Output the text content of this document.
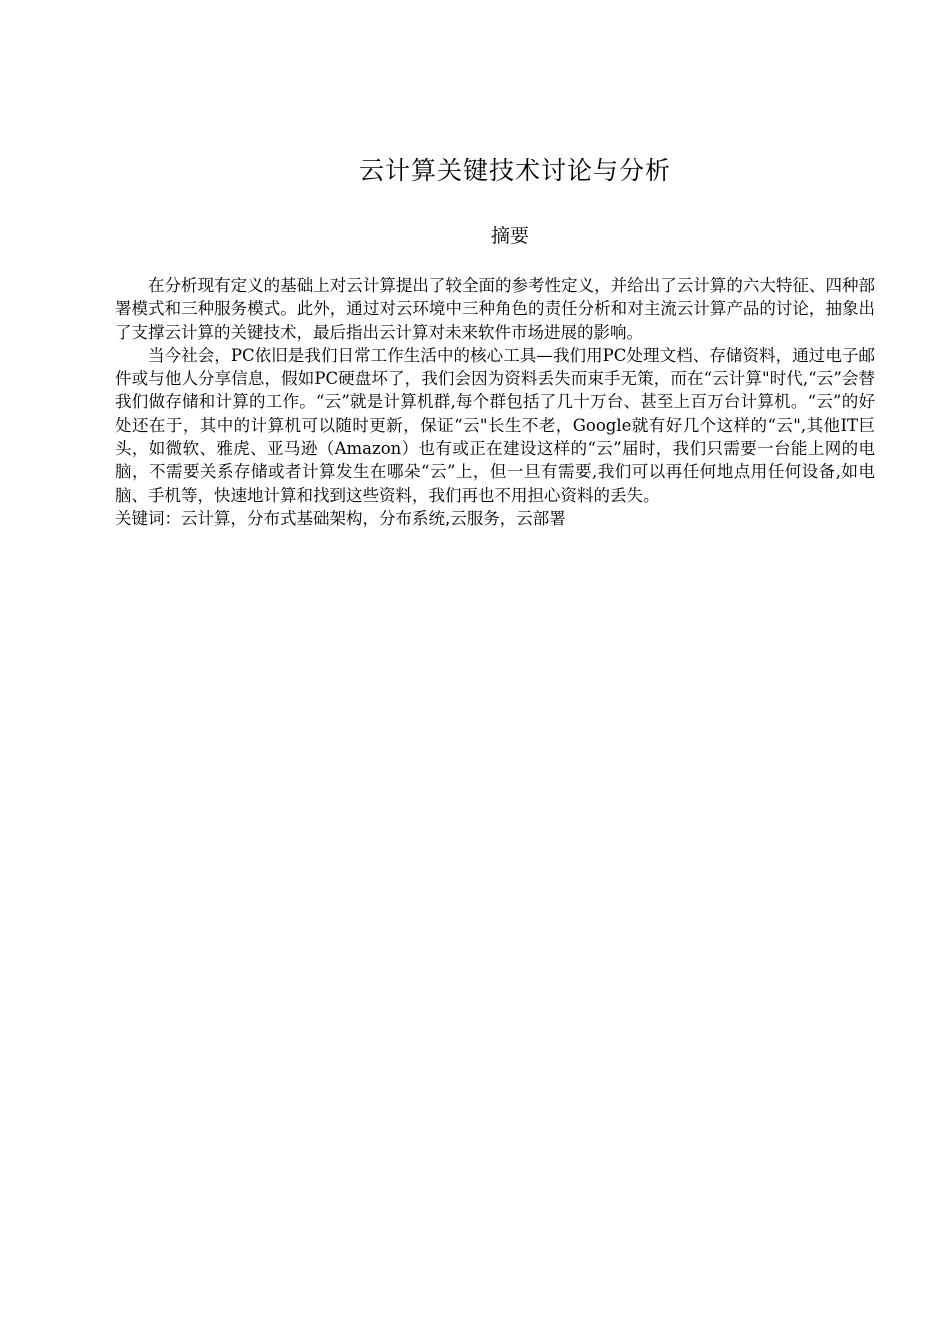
云计算关键技术讨论与分析
摘要

在分析现有定义的基础上对云计算提出了较全面的参考性定义，并给出了云计算的六大特征、四种部署模式和三种服务模式。此外，通过对云环境中三种角色的责任分析和对主流云计算产品的讨论，抽象出了支撑云计算的关键技术，最后指出云计算对未来软件市场进展的影响。

当今社会，PC依旧是我们日常工作生活中的核心工具—我们用PC处理文档、存储资料，通过电子邮件或与他人分享信息，假如PC硬盘坏了，我们会因为资料丢失而束手无策，而在“云计算"时代,“云”会替我们做存储和计算的工作。“云”就是计算机群,每个群包括了几十万台、甚至上百万台计算机。“云”的好处还在于，其中的计算机可以随时更新，保证“云"长生不老，Google就有好几个这样的“云",其他IT巨头，如微软、雅虎、亚马逊（Amazon）也有或正在建设这样的“云”届时，我们只需要一台能上网的电脑，不需要关系存储或者计算发生在哪朵“云”上，但一旦有需要,我们可以再任何地点用任何设备,如电脑、手机等，快速地计算和找到这些资料，我们再也不用担心资料的丢失。

关键词：云计算，分布式基础架构，分布系统,云服务，云部署
